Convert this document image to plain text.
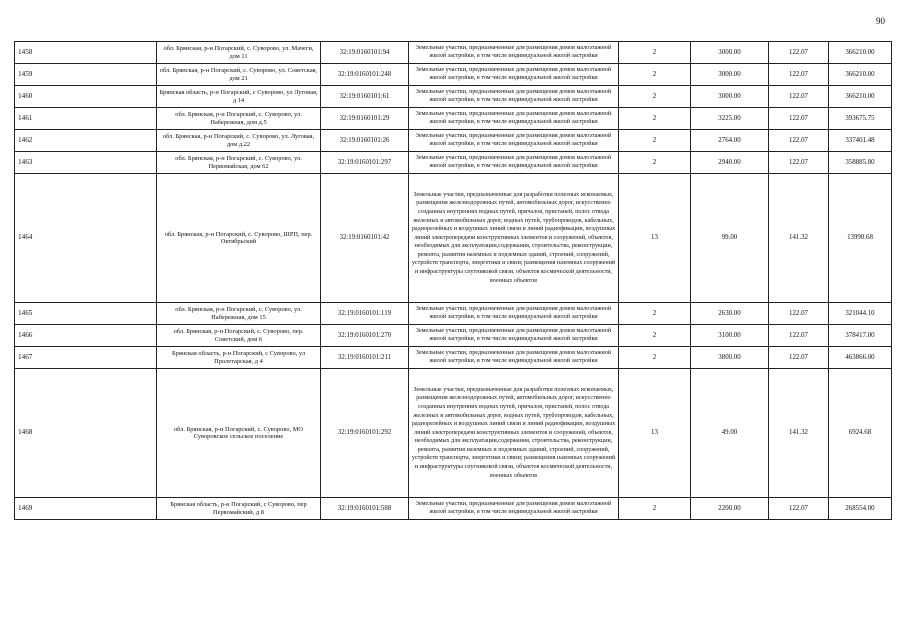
90
1458	обл. Брянская, р-н Погарский, с. Суворово, ул. Мачеги, дом 11	32:19:0160101:94	Земельные участки, предназначенные для размещения домов малоэтажной жилой застройки, в том числе индивидуальной жилой застройки	2	3000.00	122.07	366210.00
1459	обл. Брянская, р-н Погарский, с. Суворово, ул. Советская, дом 21	32:19:0160101:248	Земельные участки, предназначенные для размещения домов малоэтажной жилой застройки, в том числе индивидуальной жилой застройки	2	3000.00	122.07	366210.00
1460	Брянская область, р-н Погарский, с Суворово, ул Луговая, д 14	32:19:0160101:61	Земельные участки, предназначенные для размещения домов малоэтажной жилой застройки, в том числе индивидуальной жилой застройки	2	3000.00	122.07	366210.00
1461	обл. Брянская, р-н Погарский, с. Суворово, ул. Набережная, дом д.5	32:19:0160101:29	Земельные участки, предназначенные для размещения домов малоэтажной жилой застройки, в том числе индивидуальной жилой застройки	2	3225.00	122.07	393675.75
1462	обл. Брянская, р-н Погарский, с. Суворово, ул. Луговая, дом д.22	32:19:0160101:26	Земельные участки, предназначенные для размещения домов малоэтажной жилой застройки, в том числе индивидуальной жилой застройки	2	2764.00	122.07	337401.48
1463	обл. Брянская, р-н Погарский, с. Суворово, ул. Первомайская, дом 62	32:19:0160101:297	Земельные участки, предназначенные для размещения домов малоэтажной жилой застройки, в том числе индивидуальной жилой застройки	2	2940.00	122.07	358885.80
1464	обл. Брянская, р-н Погарский, с. Суворово, ШРП, пер. Октябрьский	32:19:0160101:42	Земельные участки, предназначенные для разработки полезных ископаемых, размещения железнодорожных путей, автомобильных дорог, искусственно созданных внутренних водных путей, причалов, пристаней, полос отвода железных и автомобильных дорог, водных путей, трубопроводов, кабельных, радиорелейных и воздушных линий связи и линий радиофикации, воздушных линий электропередачи конструктивных элементов и сооружений, объектов, необходимых для эксплуатации,содержания, строительства, реконструкции, ремонта, развития наземных и подземных зданий, строений, сооружений, устройств транспорта, энергетики и связи; размещения наземных сооружений и инфраструктуры спутниковой связи, объектов космической деятельности, военных объектов	13	99.00	141.32	13990.68
1465	обл. Брянская, р-н Погарский, с. Суворово, ул. Набережная, дом 15	32:19:0160101:119	Земельные участки, предназначенные для размещения домов малоэтажной жилой застройки, в том числе индивидуальной жилой застройки	2	2630.00	122.07	321044.10
1466	обл. Брянская, р-н Погарский, с. Суворово, пер. Советский, дом 6	32:19:0160101:270	Земельные участки, предназначенные для размещения домов малоэтажной жилой застройки, в том числе индивидуальной жилой застройки	2	3100.00	122.07	378417.00
1467	Брянская область, р-н Погарский, с Суворово, ул Пролетарская, д 4	32:19:0160101:211	Земельные участки, предназначенные для размещения домов малоэтажной жилой застройки, в том числе индивидуальной жилой застройки	2	3800.00	122.07	463866.00
1468	обл. Брянская, р-н Погарский, с. Суворово, МО Суворовское сельское поселение	32:19:0160101:292	Земельные участки, предназначенные для разработки полезных ископаемых, размещения железнодорожных путей, автомобильных дорог, искусственно созданных внутренних водных путей, причалов, пристаней, полос отвода железных и автомобильных дорог, водных путей, трубопроводов, кабельных, радиорелейных и воздушных линий связи и линий радиофикации, воздушных линий электропередачи конструктивных элементов и сооружений, объектов, необходимых для эксплуатации,содержания, строительства, реконструкции, ремонта, развития наземных и подземных зданий, строений, сооружений, устройств транспорта, энергетики и связи; размещения наземных сооружений и инфраструктуры спутниковой связи, объектов космической деятельности, военных объектов	13	49.00	141.32	6924.68
1469	Брянская область, р-н Погарский, с Суворово, пер Первомайский, д 8	32:19:0160101:588	Земельные участки, предназначенные для размещения домов малоэтажной жилой застройки, в том числе индивидуальной жилой застройки	2	2200.00	122.07	268554.00
